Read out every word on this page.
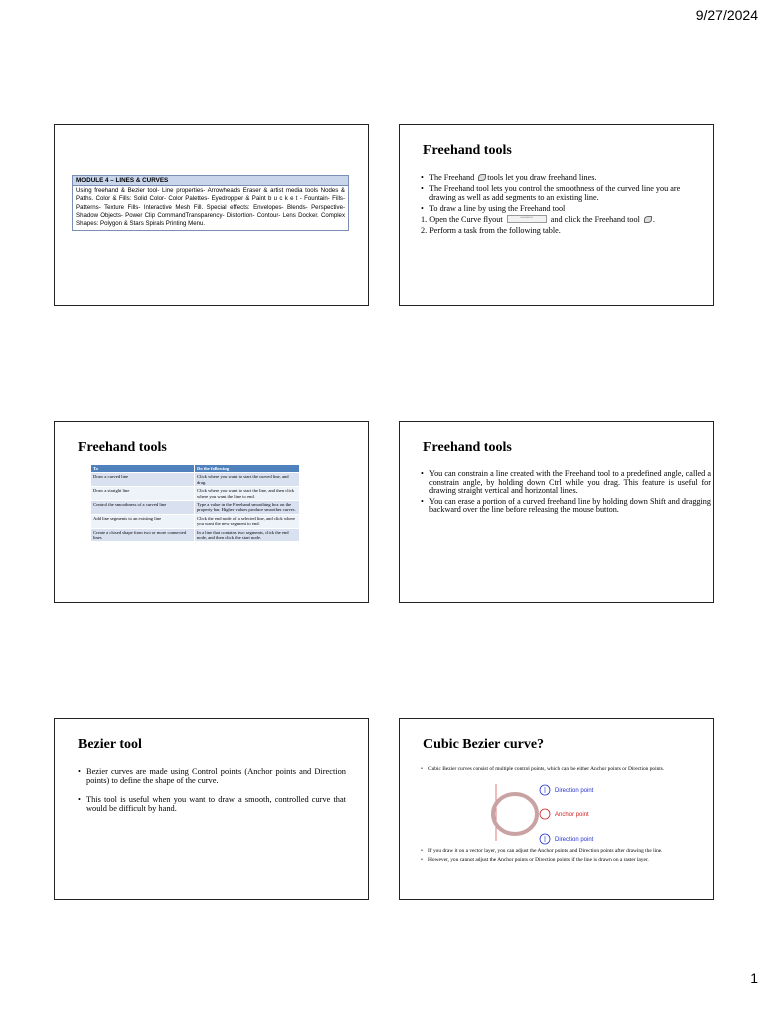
9/27/2024
MODULE 4 – LINES & CURVES
Using freehand & Bezier tool- Line properties- Arrowheads Eraser & artist media tools Nodes & Paths. Color & Fills: Solid Color- Color Palettes- Eyedropper & Paint b u c k e t - Fountain- Fills- Patterns- Texture Fills- Interactive Mesh Fill. Special effects: Envelopes- Blends- Perspective- Shadow Objects- Power Clip CommandTransparency- Distortion- Contour- Lens Docker. Complex Shapes: Polygon & Stars Spirals Printing Menu.
Freehand tools
• The Freehand tools let you draw freehand lines.
• The Freehand tool lets you control the smoothness of the curved line you are drawing as well as add segments to an existing line.
• To draw a line by using the Freehand tool
1. Open the Curve flyout	▫▫▫▫▫▫▫ and click the Freehand tool .
2. Perform a task from the following table.
Freehand tools
To	Do the following
Draw a curved line	Click where you want to start the curved line, and drag.
Draw a straight line	Click where you want to start the line, and then click where you want the line to end.
Control the smoothness of a curved line	Type a value in the Freehand smoothing box on the property bar. Higher values produce smoother curves.
Add line segments to an existing line	Click the end node of a selected line, and click where you want the new segment to end.
Create a closed shape from two or more connected lines	In a line that contains two segments, click the end node, and then click the start node.
Freehand tools
• You can constrain a line created with the Freehand tool to a predefined angle, called a constrain angle, by holding down Ctrl while you drag. This feature is useful for drawing straight vertical and horizontal lines.
• You can erase a portion of a curved freehand line by holding down Shift and dragging backward over the line before releasing the mouse button.
Bezier tool
• Bezier curves are made using Control points (Anchor points and Direction points) to define the shape of the curve.
• This tool is useful when you want to draw a smooth, controlled curve that would be difficult by hand.
Cubic Bezier curve?
• Cubic Bezier curves consist of multiple control points, which can be either Anchor points or Direction points.
Direction point
Anchor point
Direction point
• If you draw it on a vector layer, you can adjust the Anchor points and Direction points after drawing the line.
• However, you cannot adjust the Anchor points or Direction points if the line is drawn on a raster layer.
1
